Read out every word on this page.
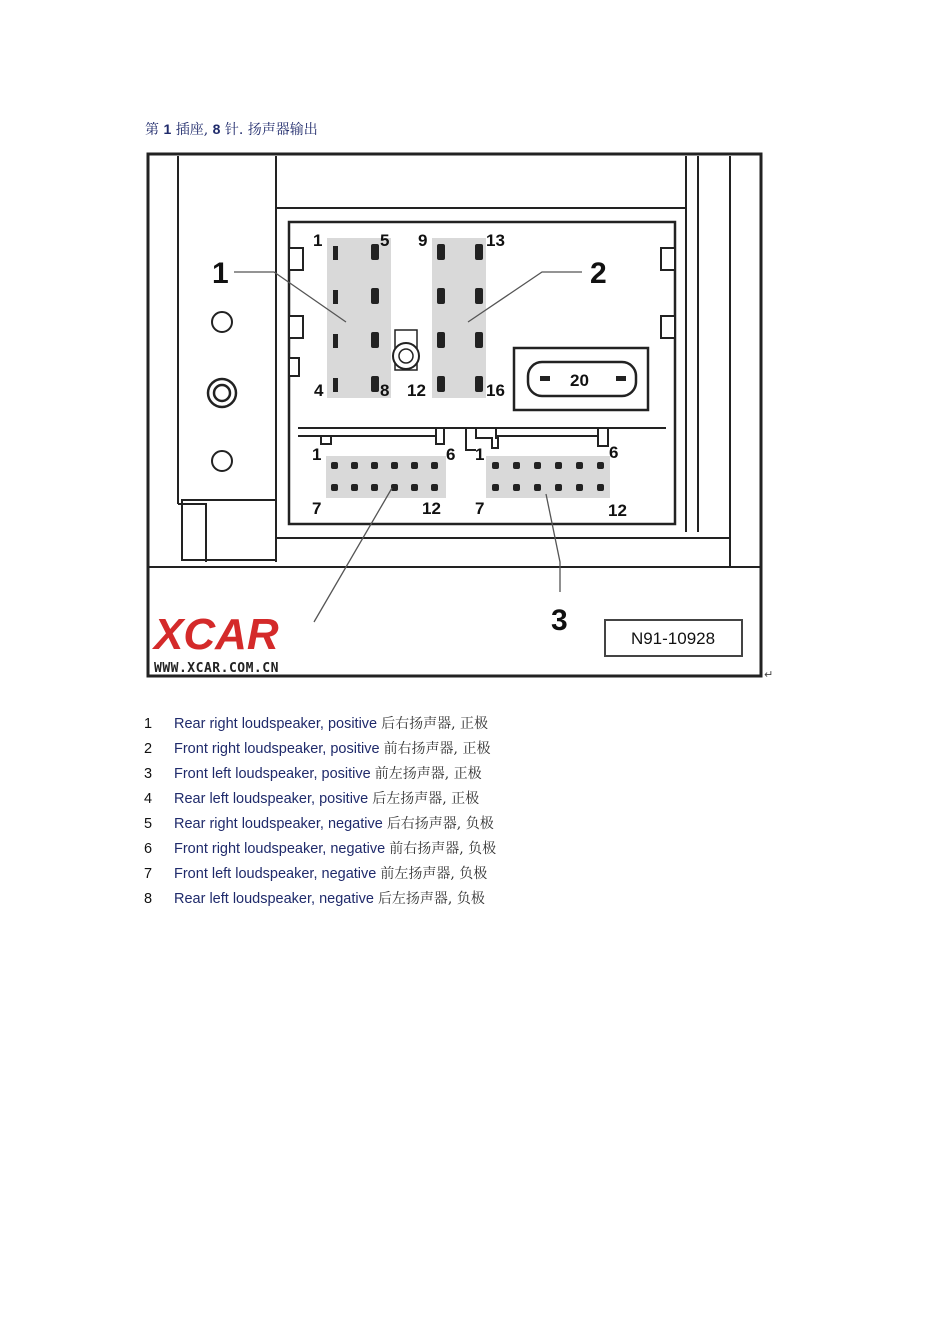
第 1 插座, 8 针. 扬声器输出
1	2
3
1	5
4	8
9	13
12	16
20
1	6
7	12
1	6
7	12
N91-10928
XCAR
WWW.XCAR.COM.CN	↵
1 Rear right loudspeaker, positive 后右扬声器, 正极
2 Front right loudspeaker, positive 前右扬声器, 正极
3 Front left loudspeaker, positive 前左扬声器, 正极
4 Rear left loudspeaker, positive 后左扬声器, 正极
5 Rear right loudspeaker, negative 后右扬声器, 负极
6 Front right loudspeaker, negative 前右扬声器, 负极
7 Front left loudspeaker, negative 前左扬声器, 负极
8 Rear left loudspeaker, negative 后左扬声器, 负极
